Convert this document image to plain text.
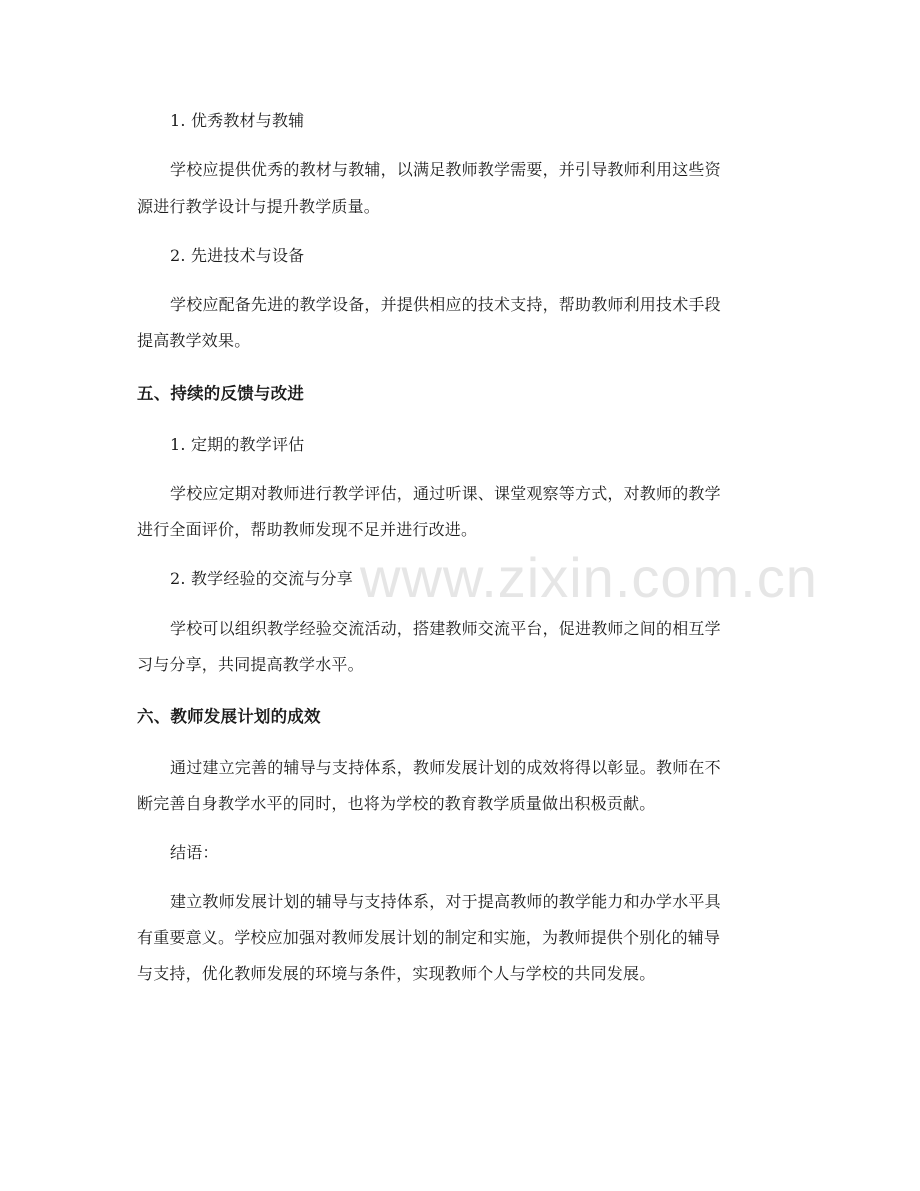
www.zixin.com.cn
1. 优秀教材与教辅
学校应提供优秀的教材与教辅，以满足教师教学需要，并引导教师利用这些资
源进行教学设计与提升教学质量。
2. 先进技术与设备
学校应配备先进的教学设备，并提供相应的技术支持，帮助教师利用技术手段
提高教学效果。
五、持续的反馈与改进
1. 定期的教学评估
学校应定期对教师进行教学评估，通过听课、课堂观察等方式，对教师的教学
进行全面评价，帮助教师发现不足并进行改进。
2. 教学经验的交流与分享
学校可以组织教学经验交流活动，搭建教师交流平台，促进教师之间的相互学
习与分享，共同提高教学水平。
六、教师发展计划的成效
通过建立完善的辅导与支持体系，教师发展计划的成效将得以彰显。教师在不
断完善自身教学水平的同时，也将为学校的教育教学质量做出积极贡献。
结语：
建立教师发展计划的辅导与支持体系，对于提高教师的教学能力和办学水平具
有重要意义。学校应加强对教师发展计划的制定和实施，为教师提供个别化的辅导
与支持，优化教师发展的环境与条件，实现教师个人与学校的共同发展。
